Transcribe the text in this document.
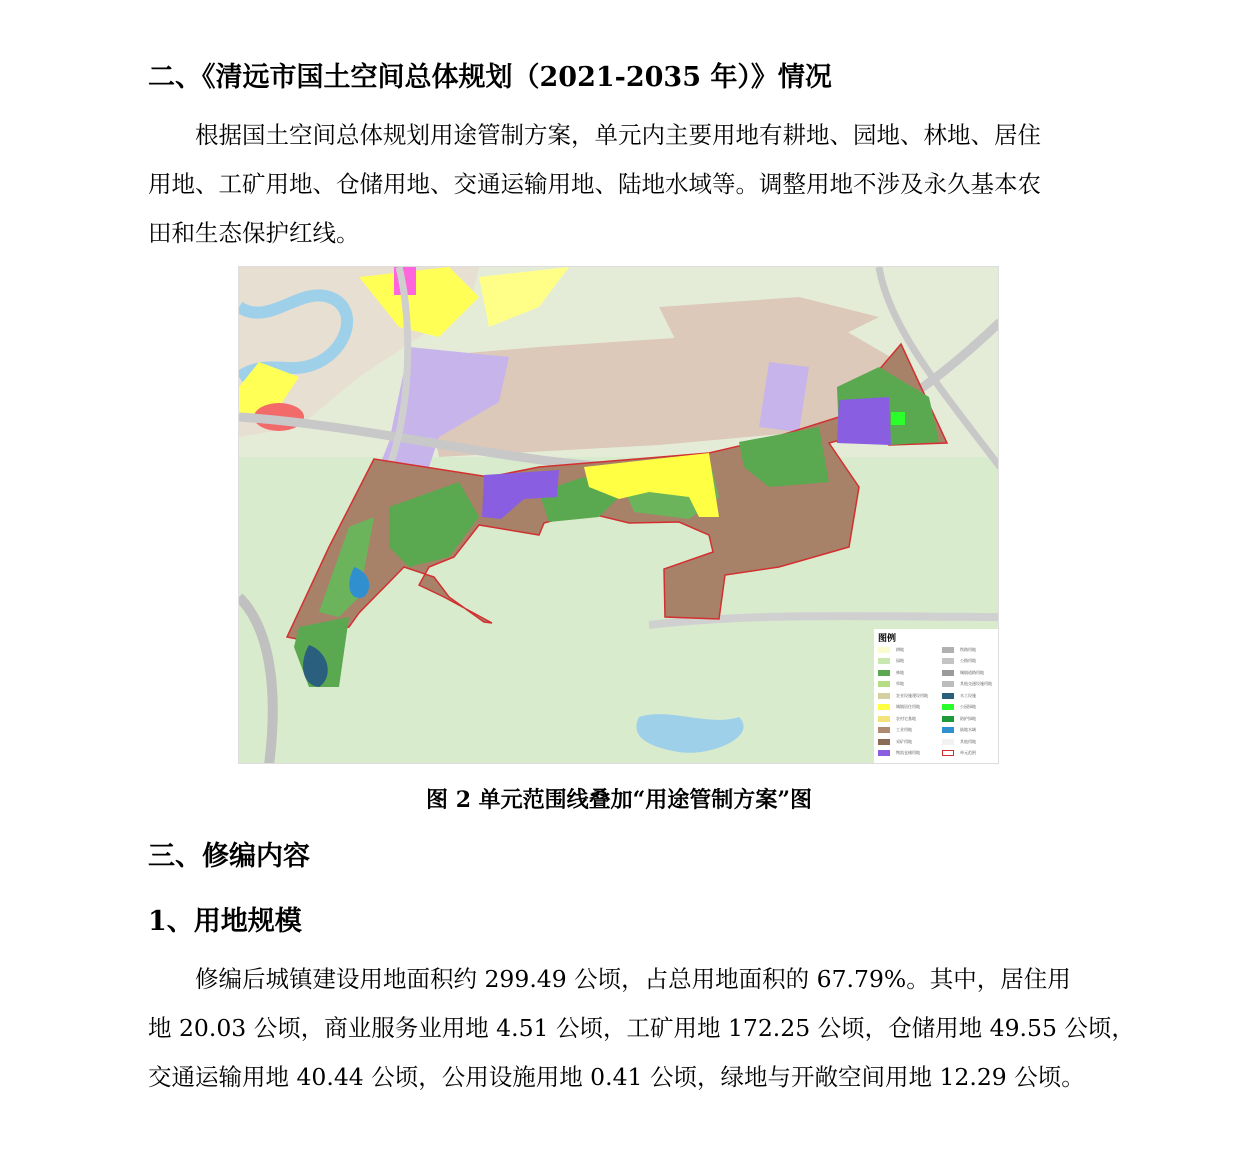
二、《清远市国土空间总体规划（2021-2035 年）》情况

根据国土空间总体规划用途管制方案，单元内主要用地有耕地、园地、林地、居住
用地、工矿用地、仓储用地、交通运输用地、陆地水域等。调整用地不涉及永久基本农
田和生态保护红线。

图例
耕地
园地
林地
草地
农业设施建设用地
城镇居住用地
农村宅基地
工业用地
采矿用地
物流仓储用地
铁路用地
公路用地
城镇道路用地
其他交通设施用地
水工设施
公园绿地
防护绿地
陆地水域
其他用地
单元范围
图 2 单元范围线叠加“用途管制方案”图
三、修编内容
1、用地规模

修编后城镇建设用地面积约 299.49 公顷，占总用地面积的 67.79%。其中，居住用
地 20.03 公顷，商业服务业用地 4.51 公顷，工矿用地 172.25 公顷，仓储用地 49.55 公顷，
交通运输用地 40.44 公顷，公用设施用地 0.41 公顷，绿地与开敞空间用地 12.29 公顷。
